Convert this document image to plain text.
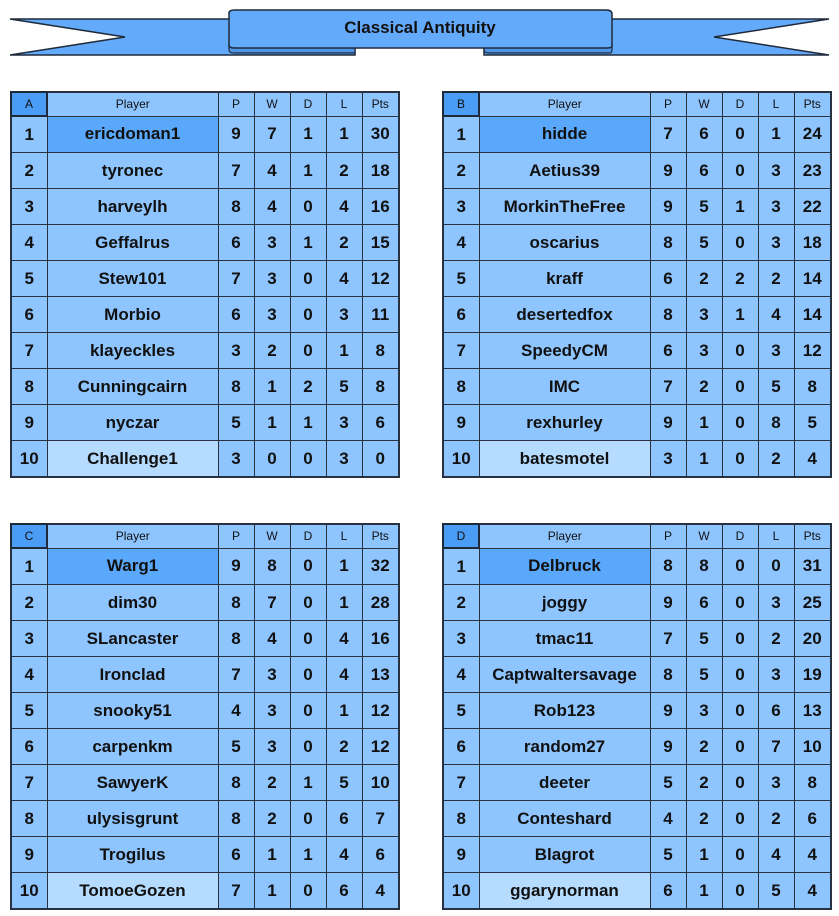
Classical Antiquity
A	Player	P	W	D	L	Pts
1	ericdoman1	9	7	1	1	30
2	tyronec	7	4	1	2	18
3	harveylh	8	4	0	4	16
4	Geffalrus	6	3	1	2	15
5	Stew101	7	3	0	4	12
6	Morbio	6	3	0	3	11
7	klayeckles	3	2	0	1	8
8	Cunningcairn	8	1	2	5	8
9	nyczar	5	1	1	3	6
10	Challenge1	3	0	0	3	0
B	Player	P	W	D	L	Pts
1	hidde	7	6	0	1	24
2	Aetius39	9	6	0	3	23
3	MorkinTheFree	9	5	1	3	22
4	oscarius	8	5	0	3	18
5	kraff	6	2	2	2	14
6	desertedfox	8	3	1	4	14
7	SpeedyCM	6	3	0	3	12
8	IMC	7	2	0	5	8
9	rexhurley	9	1	0	8	5
10	batesmotel	3	1	0	2	4
C	Player	P	W	D	L	Pts
1	Warg1	9	8	0	1	32
2	dim30	8	7	0	1	28
3	SLancaster	8	4	0	4	16
4	Ironclad	7	3	0	4	13
5	snooky51	4	3	0	1	12
6	carpenkm	5	3	0	2	12
7	SawyerK	8	2	1	5	10
8	ulysisgrunt	8	2	0	6	7
9	Trogilus	6	1	1	4	6
10	TomoeGozen	7	1	0	6	4
D	Player	P	W	D	L	Pts
1	Delbruck	8	8	0	0	31
2	joggy	9	6	0	3	25
3	tmac11	7	5	0	2	20
4	Captwaltersavage	8	5	0	3	19
5	Rob123	9	3	0	6	13
6	random27	9	2	0	7	10
7	deeter	5	2	0	3	8
8	Conteshard	4	2	0	2	6
9	Blagrot	5	1	0	4	4
10	ggarynorman	6	1	0	5	4
